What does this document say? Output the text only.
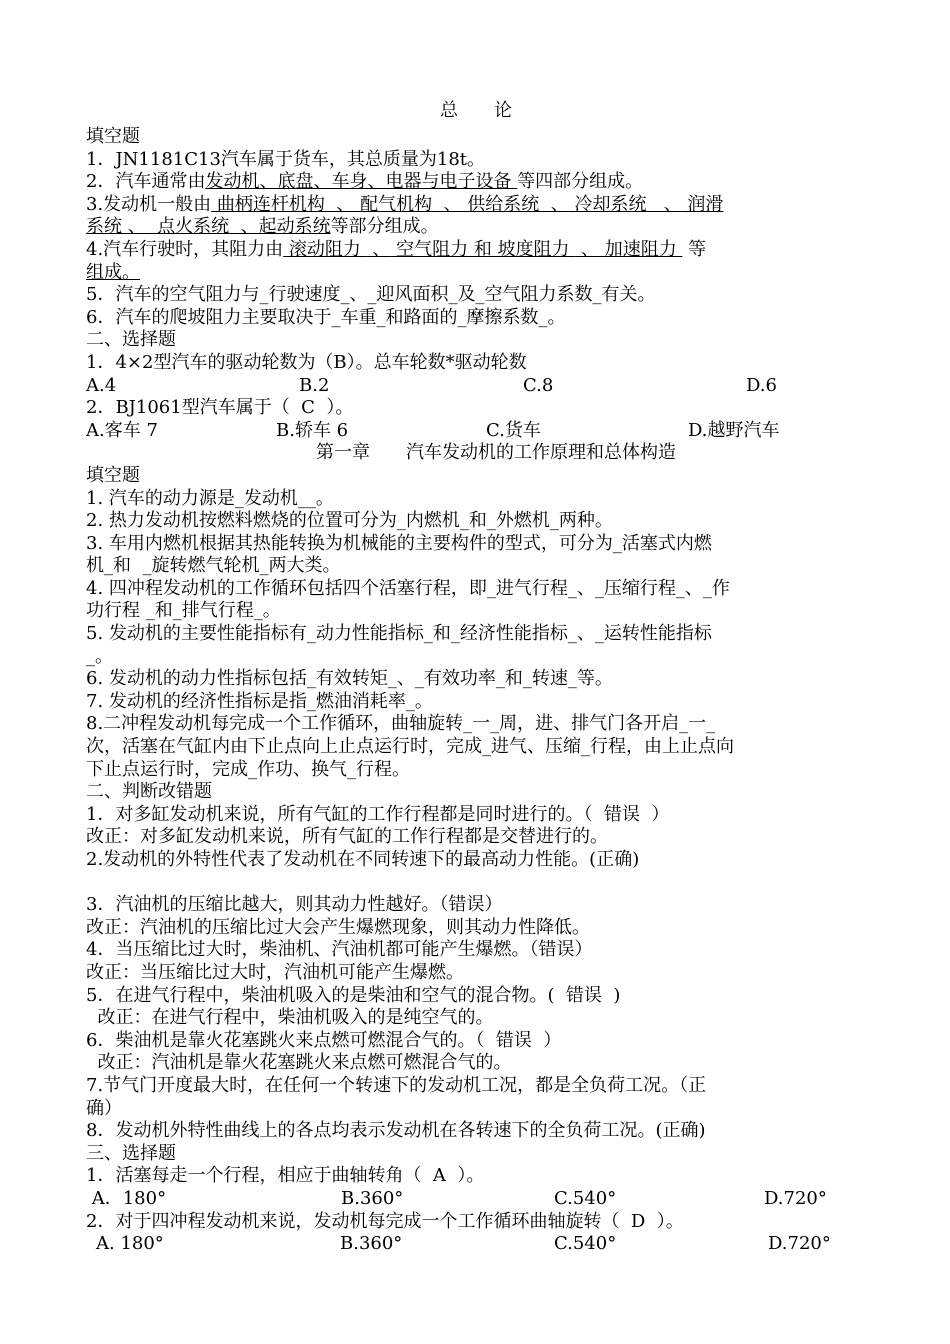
总　　论
填空题
1．JN1181C13汽车属于货车，其总质量为18t。
2．汽车通常由发动机、底盘、车身、电器与电子设备 等四部分组成。
3.发动机一般由 曲柄连杆机构  、 配气机构  、 供给系统  、 冷却系统   、 润滑
系统 、  点火系统  、起动系统等部分组成。
4.汽车行驶时，其阻力由 滚动阻力  、 空气阻力 和 坡度阻力  、 加速阻力  等
组成。
5．汽车的空气阻力与_行驶速度_、_迎风面积_及_空气阻力系数_有关。
6．汽车的爬坡阻力主要取决于_车重_和路面的_摩擦系数_。
二、选择题
1．4×2型汽车的驱动轮数为（B）。总车轮数*驱动轮数
A.4	B.2	C.8	D.6
2．BJ1061型汽车属于（  C  ）。
A.客车 7	B.轿车 6	C.货车	D.越野汽车
第一章　　汽车发动机的工作原理和总体构造
填空题
1. 汽车的动力源是_发动机__。
2. 热力发动机按燃料燃烧的位置可分为_内燃机_和_外燃机_两种。
3. 车用内燃机根据其热能转换为机械能的主要构件的型式，可分为_活塞式内燃
机_和  _旋转燃气轮机_两大类。
4. 四冲程发动机的工作循环包括四个活塞行程，即_进气行程_、_压缩行程_、_作
功行程 _和_排气行程_。
5. 发动机的主要性能指标有_动力性能指标_和_经济性能指标_、_运转性能指标
_。
6. 发动机的动力性指标包括_有效转矩_、_有效功率_和_转速_等。
7. 发动机的经济性指标是指_燃油消耗率_。
8.二冲程发动机每完成一个工作循环，曲轴旋转_一_周，进、排气门各开启_一_
次，活塞在气缸内由下止点向上止点运行时，完成_进气、压缩_行程，由上止点向
下止点运行时，完成_作功、换气_行程。
二、判断改错题
1．对多缸发动机来说，所有气缸的工作行程都是同时进行的。（  错误  ）
改正：对多缸发动机来说，所有气缸的工作行程都是交替进行的。
2.发动机的外特性代表了发动机在不同转速下的最高动力性能。(正确)
3．汽油机的压缩比越大，则其动力性越好。（错误）
改正：汽油机的压缩比过大会产生爆燃现象，则其动力性降低。
4．当压缩比过大时，柴油机、汽油机都可能产生爆燃。（错误）
改正：当压缩比过大时，汽油机可能产生爆燃。
5．在进气行程中，柴油机吸入的是柴油和空气的混合物。(  错误  )
改正：在进气行程中，柴油机吸入的是纯空气的。
6．柴油机是靠火花塞跳火来点燃可燃混合气的。（  错误  ）
改正：汽油机是靠火花塞跳火来点燃可燃混合气的。
7.节气门开度最大时，在任何一个转速下的发动机工况，都是全负荷工况。（正
确）
8．发动机外特性曲线上的各点均表示发动机在各转速下的全负荷工况。(正确)
三、选择题
1．活塞每走一个行程，相应于曲轴转角（  A  ）。
A．180°	B.360°	C.540°	D.720°
2．对于四冲程发动机来说，发动机每完成一个工作循环曲轴旋转（  D  ）。
A. 180°	B.360°	C.540°	D.720°
